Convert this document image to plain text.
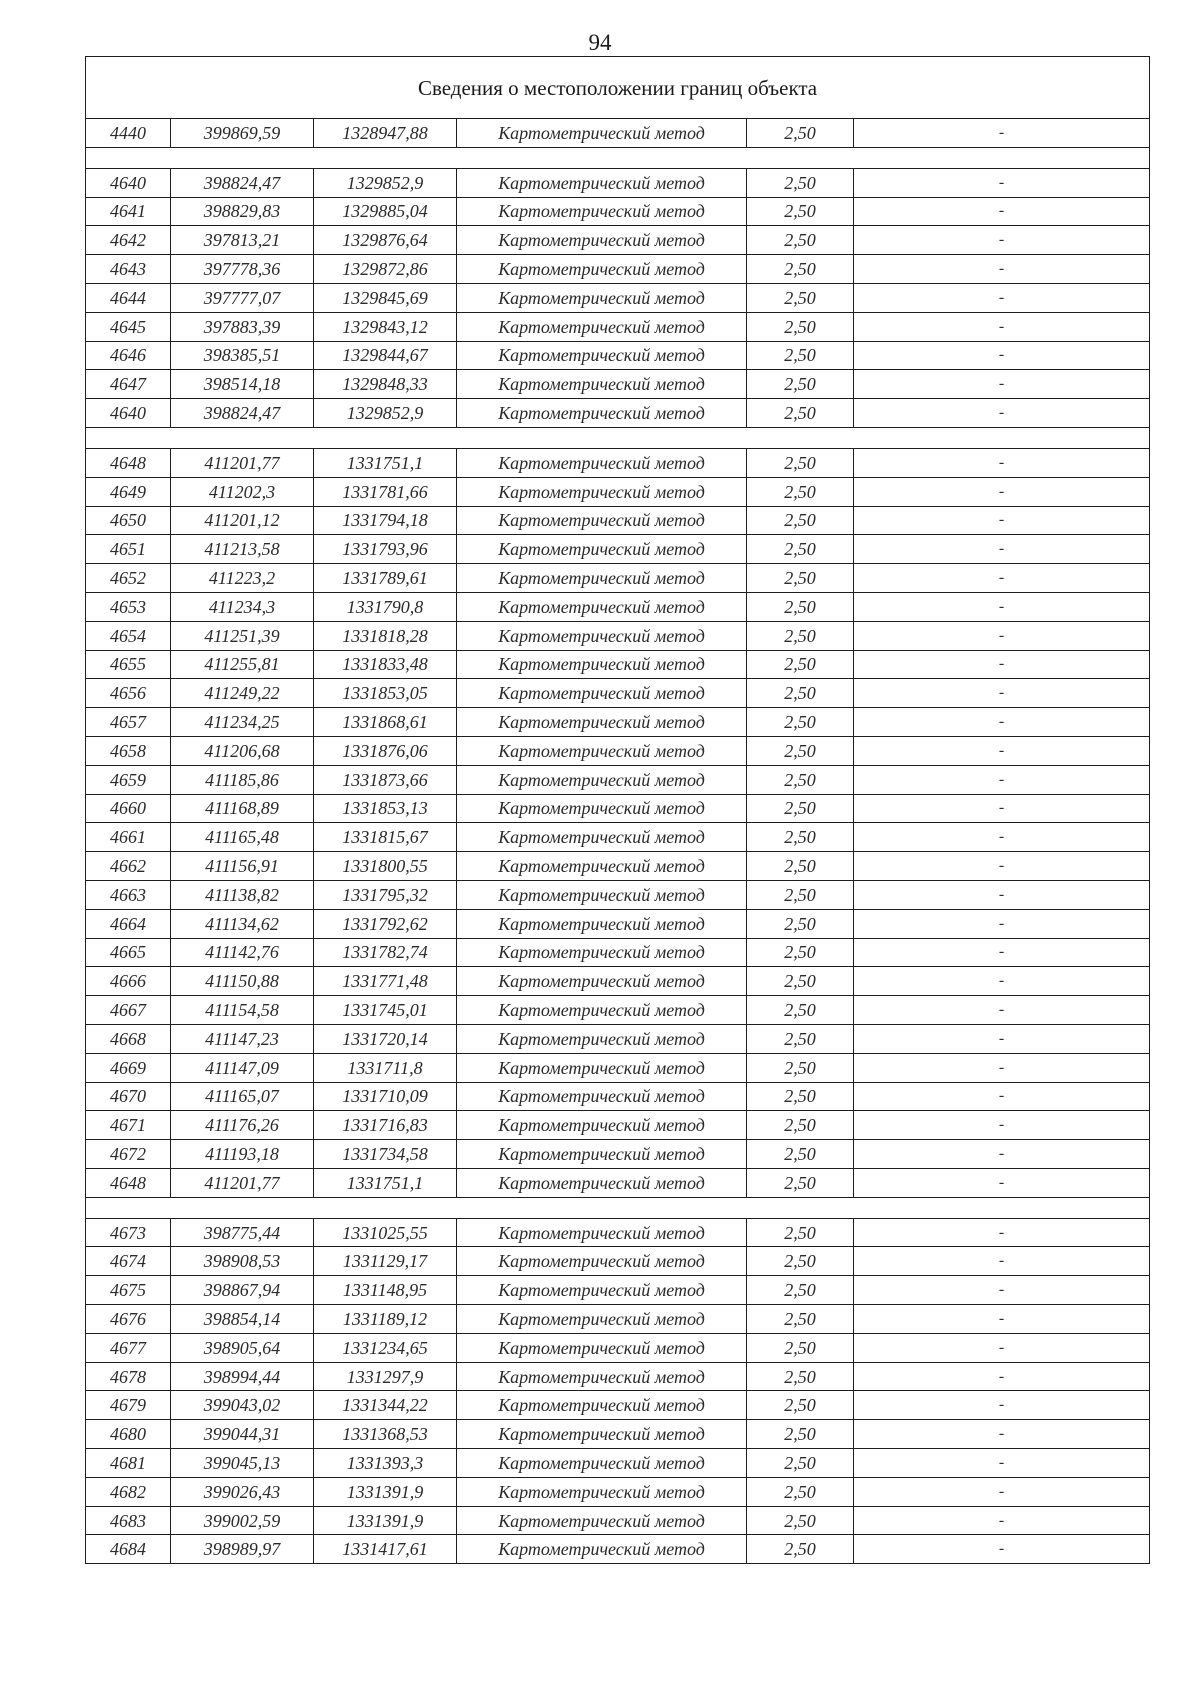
94
Сведения о местоположении границ объекта					
4440	399869,59	1328947,88	Картометрический метод	2,50	-

4640	398824,47	1329852,9	Картометрический метод	2,50	-
4641	398829,83	1329885,04	Картометрический метод	2,50	-
4642	397813,21	1329876,64	Картометрический метод	2,50	-
4643	397778,36	1329872,86	Картометрический метод	2,50	-
4644	397777,07	1329845,69	Картометрический метод	2,50	-
4645	397883,39	1329843,12	Картометрический метод	2,50	-
4646	398385,51	1329844,67	Картометрический метод	2,50	-
4647	398514,18	1329848,33	Картометрический метод	2,50	-
4640	398824,47	1329852,9	Картометрический метод	2,50	-

4648	411201,77	1331751,1	Картометрический метод	2,50	-
4649	411202,3	1331781,66	Картометрический метод	2,50	-
4650	411201,12	1331794,18	Картометрический метод	2,50	-
4651	411213,58	1331793,96	Картометрический метод	2,50	-
4652	411223,2	1331789,61	Картометрический метод	2,50	-
4653	411234,3	1331790,8	Картометрический метод	2,50	-
4654	411251,39	1331818,28	Картометрический метод	2,50	-
4655	411255,81	1331833,48	Картометрический метод	2,50	-
4656	411249,22	1331853,05	Картометрический метод	2,50	-
4657	411234,25	1331868,61	Картометрический метод	2,50	-
4658	411206,68	1331876,06	Картометрический метод	2,50	-
4659	411185,86	1331873,66	Картометрический метод	2,50	-
4660	411168,89	1331853,13	Картометрический метод	2,50	-
4661	411165,48	1331815,67	Картометрический метод	2,50	-
4662	411156,91	1331800,55	Картометрический метод	2,50	-
4663	411138,82	1331795,32	Картометрический метод	2,50	-
4664	411134,62	1331792,62	Картометрический метод	2,50	-
4665	411142,76	1331782,74	Картометрический метод	2,50	-
4666	411150,88	1331771,48	Картометрический метод	2,50	-
4667	411154,58	1331745,01	Картометрический метод	2,50	-
4668	411147,23	1331720,14	Картометрический метод	2,50	-
4669	411147,09	1331711,8	Картометрический метод	2,50	-
4670	411165,07	1331710,09	Картометрический метод	2,50	-
4671	411176,26	1331716,83	Картометрический метод	2,50	-
4672	411193,18	1331734,58	Картометрический метод	2,50	-
4648	411201,77	1331751,1	Картометрический метод	2,50	-

4673	398775,44	1331025,55	Картометрический метод	2,50	-
4674	398908,53	1331129,17	Картометрический метод	2,50	-
4675	398867,94	1331148,95	Картометрический метод	2,50	-
4676	398854,14	1331189,12	Картометрический метод	2,50	-
4677	398905,64	1331234,65	Картометрический метод	2,50	-
4678	398994,44	1331297,9	Картометрический метод	2,50	-
4679	399043,02	1331344,22	Картометрический метод	2,50	-
4680	399044,31	1331368,53	Картометрический метод	2,50	-
4681	399045,13	1331393,3	Картометрический метод	2,50	-
4682	399026,43	1331391,9	Картометрический метод	2,50	-
4683	399002,59	1331391,9	Картометрический метод	2,50	-
4684	398989,97	1331417,61	Картометрический метод	2,50	-
